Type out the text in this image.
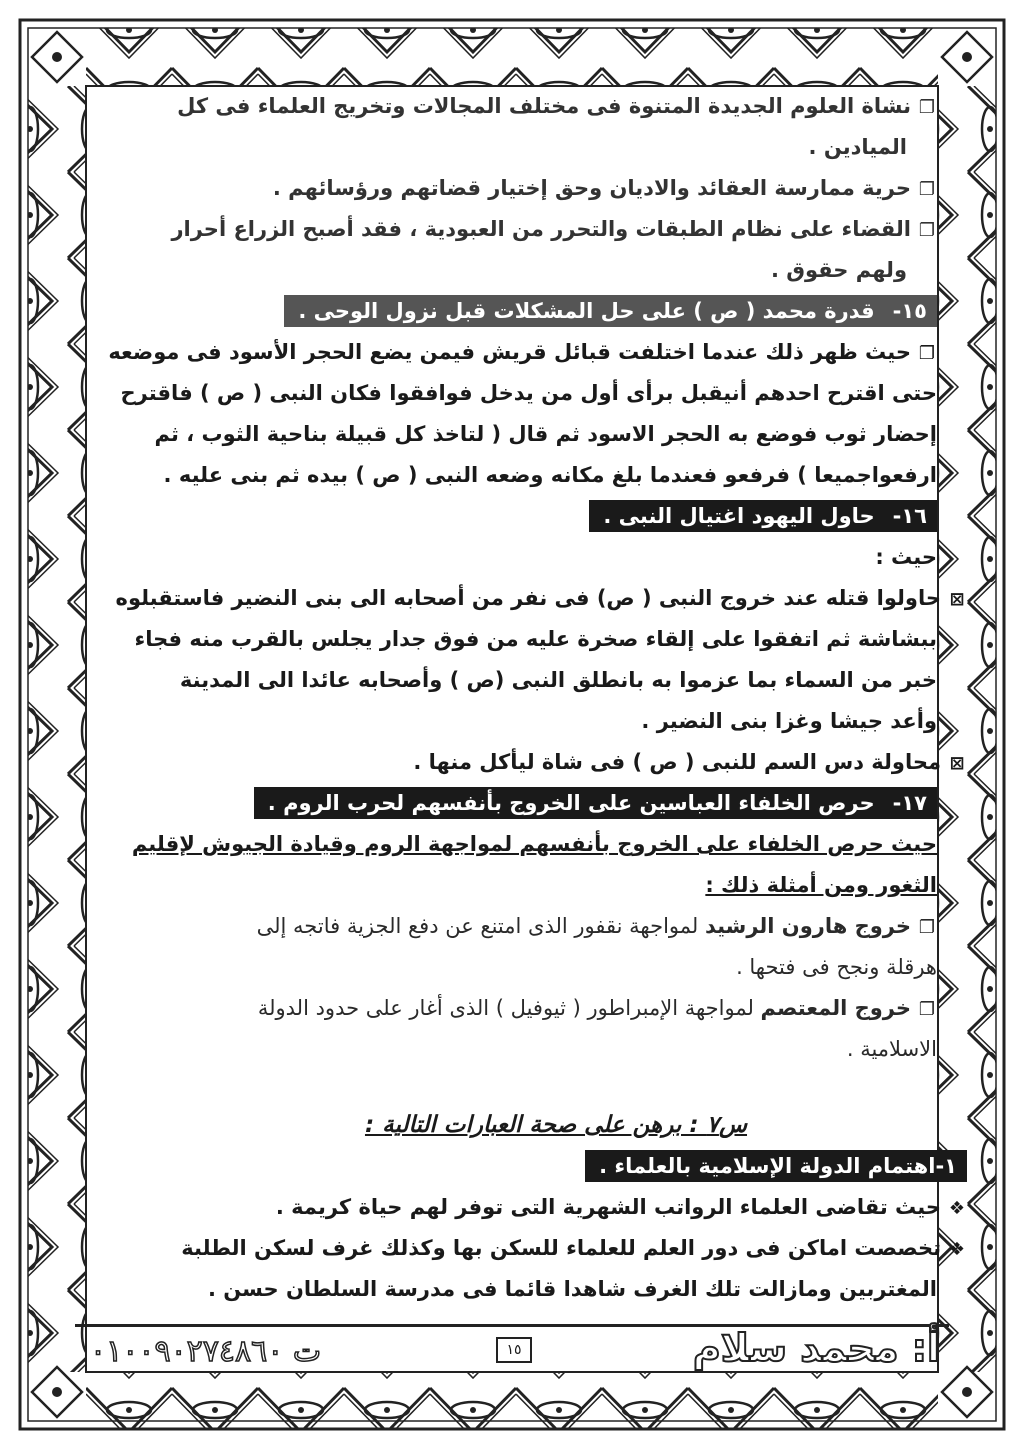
❐نشاة العلوم الجديدة المتنوة فى مختلف المجالات وتخريج العلماء فى كل
الميادين .
❐حرية ممارسة العقائد والاديان وحق إختيار قضاتهم ورؤسائهم .
❐القضاء على نظام الطبقات والتحرر من العبودية ، فقد أصبح الزراع أحرار
ولهم حقوق .
١٥-قدرة محمد ( ص ) على حل المشكلات قبل نزول الوحى .
❐حيث ظهر ذلك عندما اختلفت قبائل قريش فيمن يضع الحجر الأسود فى موضعه
حتى اقترح احدهم أنيقبل برأى أول من يدخل فوافقوا فكان النبى ( ص ) فاقترح
إحضار ثوب فوضع به الحجر الاسود ثم قال ( لتاخذ كل قبيلة بناحية الثوب ، ثم
ارفعواجميعا ) فرفعو فعندما بلغ مكانه وضعه النبى ( ص ) بيده ثم بنى عليه .
١٦-حاول اليهود اغتيال النبى .
حيث :
⊠حاولوا قتله عند خروج النبى ( ص) فى نفر من أصحابه الى بنى النضير فاستقبلوه
ببشاشة ثم اتفقوا على إلقاء صخرة عليه من فوق جدار يجلس بالقرب منه فجاء
خبر من السماء بما عزموا به بانطلق النبى (ص ) وأصحابه عائدا الى المدينة
وأعد جيشا وغزا بنى النضير .
⊠محاولة دس السم للنبى ( ص ) فى شاة ليأكل منها .
١٧-حرص الخلفاء العباسين على الخروج بأنفسهم لحرب الروم .
حيث حرص الخلفاء على الخروج بأنفسهم لمواجهة الروم وقيادة الجيوش لإقليم
الثغور ومن أمثلة ذلك :
❐خروج هارون الرشيد لمواجهة نقفور الذى امتنع عن دفع الجزية فاتجه إلى
هرقلة ونجح فى فتحها .
❐خروج المعتصم لمواجهة الإمبراطور ( ثيوفيل ) الذى أغار على حدود الدولة
الاسلامية .
س٧ : برهن على صحة العبارات التالية :
١-اهتمام الدولة الإسلامية بالعلماء .
❖حيث تقاضى العلماء الرواتب الشهرية التى توفر لهم حياة كريمة .
❖تخصصت اماكن فى دور العلم للعلماء للسكن بها وكذلك غرف لسكن الطلبة
المغتربين ومازالت تلك الغرف شاهدا قائما فى مدرسة السلطان حسن .
١٥
ت ٠١٠٠٩٠٢٧٤٨٦٠	أ: محمد سلام
